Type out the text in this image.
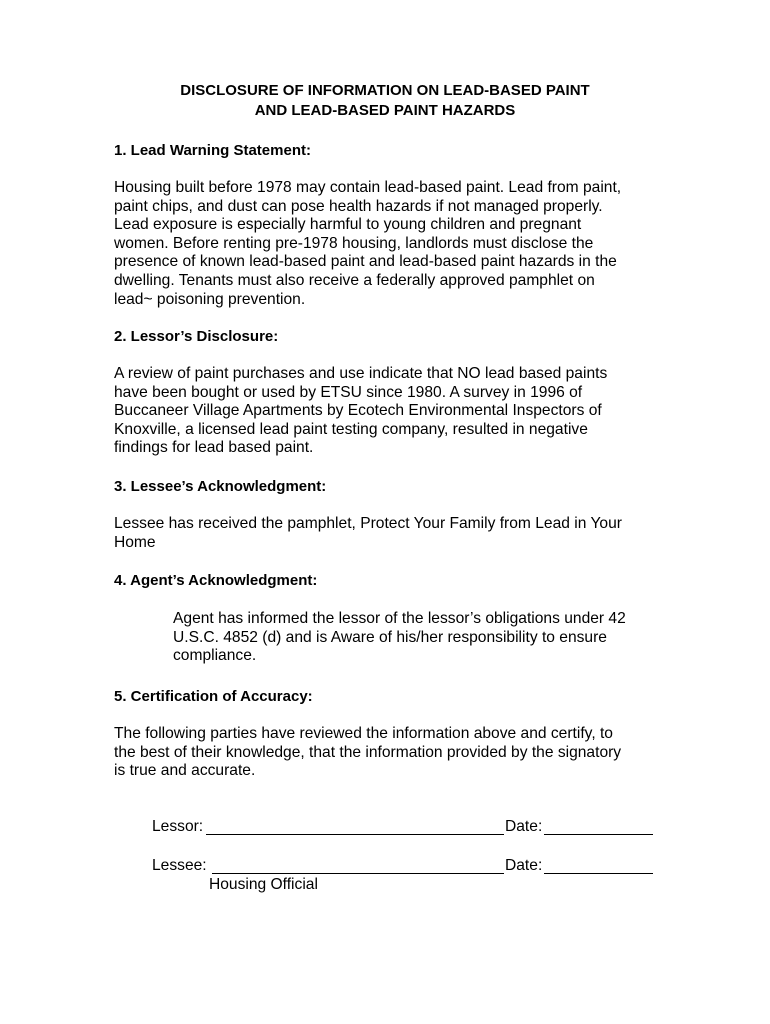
DISCLOSURE OF INFORMATION ON LEAD-BASED PAINT
AND LEAD-BASED PAINT HAZARDS
1. Lead Warning Statement:
Housing built before 1978 may contain lead-based paint. Lead from paint,
paint chips, and dust can pose health hazards if not managed properly.
Lead exposure is especially harmful to young children and pregnant
women. Before renting pre-1978 housing, landlords must disclose the
presence of known lead-based paint and lead-based paint hazards in the
dwelling. Tenants must also receive a federally approved pamphlet on
lead~ poisoning prevention.
2. Lessor’s Disclosure:
A review of paint purchases and use indicate that NO lead based paints
have been bought or used by ETSU since 1980. A survey in 1996 of
Buccaneer Village Apartments by Ecotech Environmental Inspectors of
Knoxville, a licensed lead paint testing company, resulted in negative
findings for lead based paint.
3. Lessee’s Acknowledgment:
Lessee has received the pamphlet, Protect Your Family from Lead in Your
Home
4. Agent’s Acknowledgment:
Agent has informed the lessor of the lessor’s obligations under 42
U.S.C. 4852 (d) and is Aware of his/her responsibility to ensure
compliance.
5. Certification of Accuracy:
The following parties have reviewed the information above and certify, to
the best of their knowledge, that the information provided by the signatory
is true and accurate.
Lessor:	Date:
Lessee:	Date:
Housing Official
